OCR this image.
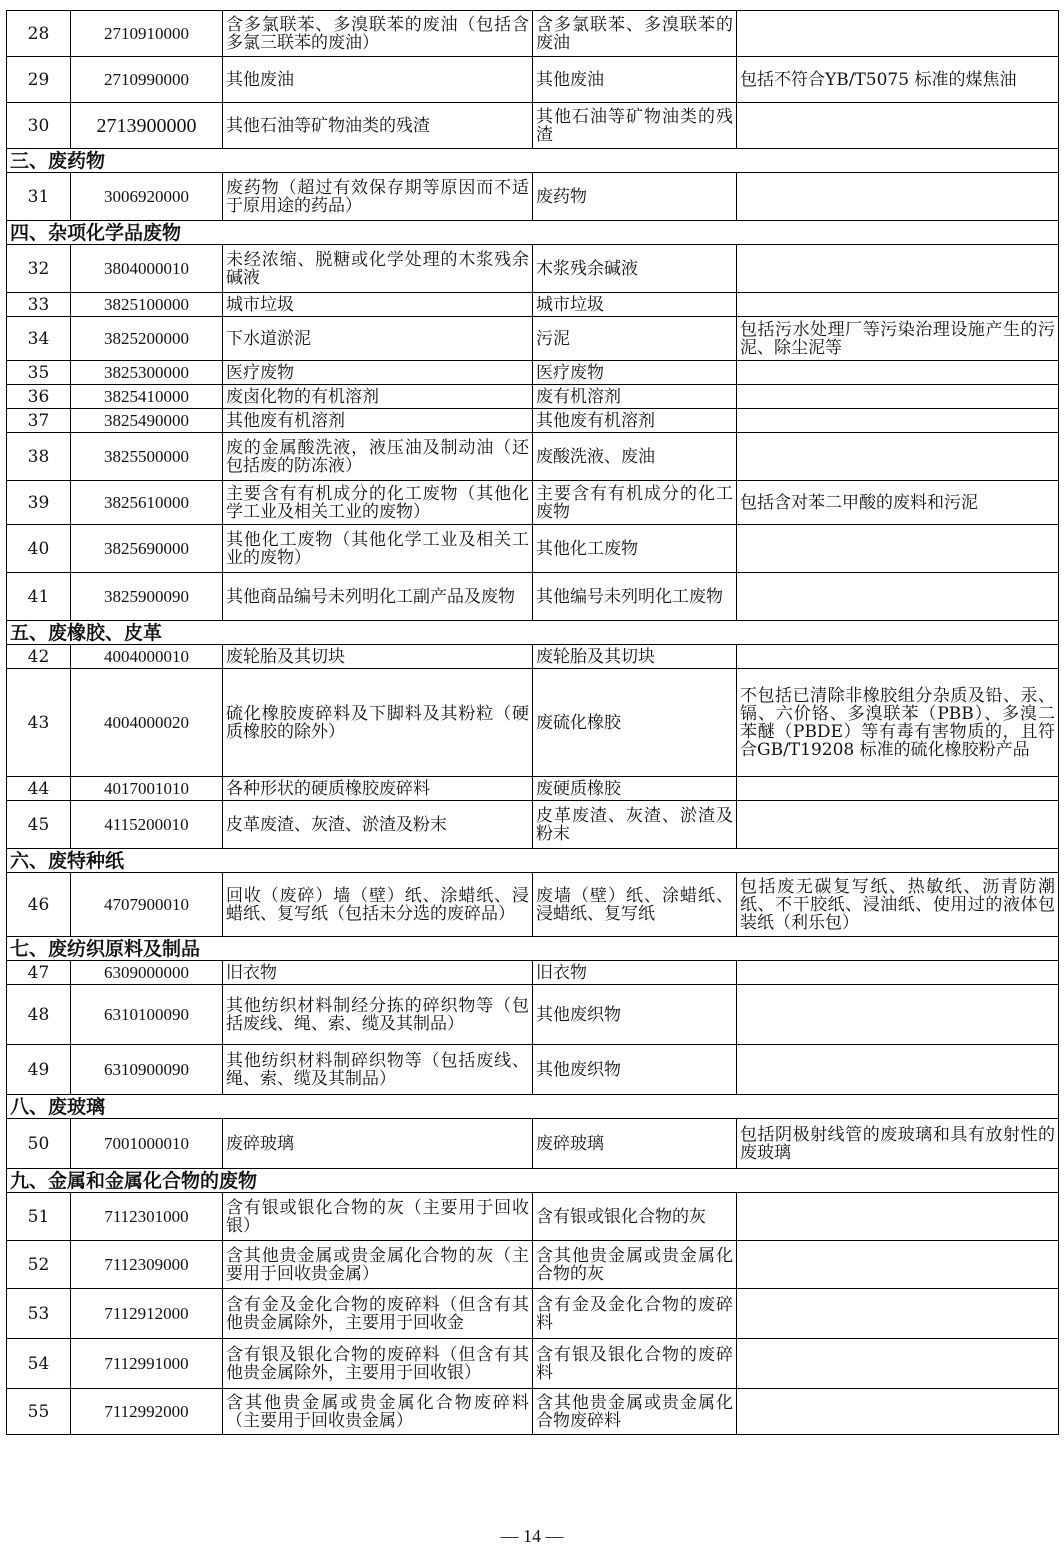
28	2710910000	含多氯联苯、多溴联苯的废油（包括含多氯三联苯的废油）	含多氯联苯、多溴联苯的废油	
29	2710990000	其他废油	其他废油	包括不符合YB/T5075 标准的煤焦油
30	2713900000	其他石油等矿物油类的残渣	其他石油等矿物油类的残渣	
三、废药物				
31	3006920000	废药物（超过有效保存期等原因而不适于原用途的药品）	废药物	
四、杂项化学品废物				
32	3804000010	未经浓缩、脱糖或化学处理的木浆残余碱液	木浆残余碱液	
33	3825100000	城市垃圾	城市垃圾	
34	3825200000	下水道淤泥	污泥	包括污水处理厂等污染治理设施产生的污泥、除尘泥等
35	3825300000	医疗废物	医疗废物	
36	3825410000	废卤化物的有机溶剂	废有机溶剂	
37	3825490000	其他废有机溶剂	其他废有机溶剂	
38	3825500000	废的金属酸洗液，液压油及制动油（还包括废的防冻液）	废酸洗液、废油	
39	3825610000	主要含有有机成分的化工废物（其他化学工业及相关工业的废物）	主要含有有机成分的化工废物	包括含对苯二甲酸的废料和污泥
40	3825690000	其他化工废物（其他化学工业及相关工业的废物）	其他化工废物	
41	3825900090	其他商品编号未列明化工副产品及废物	其他编号未列明化工废物	
五、废橡胶、皮革				
42	4004000010	废轮胎及其切块	废轮胎及其切块	
43	4004000020	硫化橡胶废碎料及下脚料及其粉粒（硬质橡胶的除外）	废硫化橡胶	不包括已清除非橡胶组分杂质及铅、汞、镉、六价铬、多溴联苯（PBB）、多溴二苯醚（PBDE）等有毒有害物质的，且符合GB/T19208 标准的硫化橡胶粉产品
44	4017001010	各种形状的硬质橡胶废碎料	废硬质橡胶	
45	4115200010	皮革废渣、灰渣、淤渣及粉末	皮革废渣、灰渣、淤渣及粉末	
六、废特种纸				
46	4707900010	回收（废碎）墙（壁）纸、涂蜡纸、浸蜡纸、复写纸（包括未分选的废碎品）	废墙（壁）纸、涂蜡纸、浸蜡纸、复写纸	包括废无碳复写纸、热敏纸、沥青防潮纸、不干胶纸、浸油纸、使用过的液体包装纸（利乐包）
七、废纺织原料及制品				
47	6309000000	旧衣物	旧衣物	
48	6310100090	其他纺织材料制经分拣的碎织物等（包括废线、绳、索、缆及其制品）	其他废织物	
49	6310900090	其他纺织材料制碎织物等（包括废线、绳、索、缆及其制品）	其他废织物	
八、废玻璃				
50	7001000010	废碎玻璃	废碎玻璃	包括阴极射线管的废玻璃和具有放射性的废玻璃
九、金属和金属化合物的废物				
51	7112301000	含有银或银化合物的灰（主要用于回收银）	含有银或银化合物的灰	
52	7112309000	含其他贵金属或贵金属化合物的灰（主要用于回收贵金属）	含其他贵金属或贵金属化合物的灰	
53	7112912000	含有金及金化合物的废碎料（但含有其他贵金属除外，主要用于回收金	含有金及金化合物的废碎料	
54	7112991000	含有银及银化合物的废碎料（但含有其他贵金属除外，主要用于回收银）	含有银及银化合物的废碎料	
55	7112992000	含其他贵金属或贵金属化合物废碎料（主要用于回收贵金属）	含其他贵金属或贵金属化合物废碎料	
— 14 —
